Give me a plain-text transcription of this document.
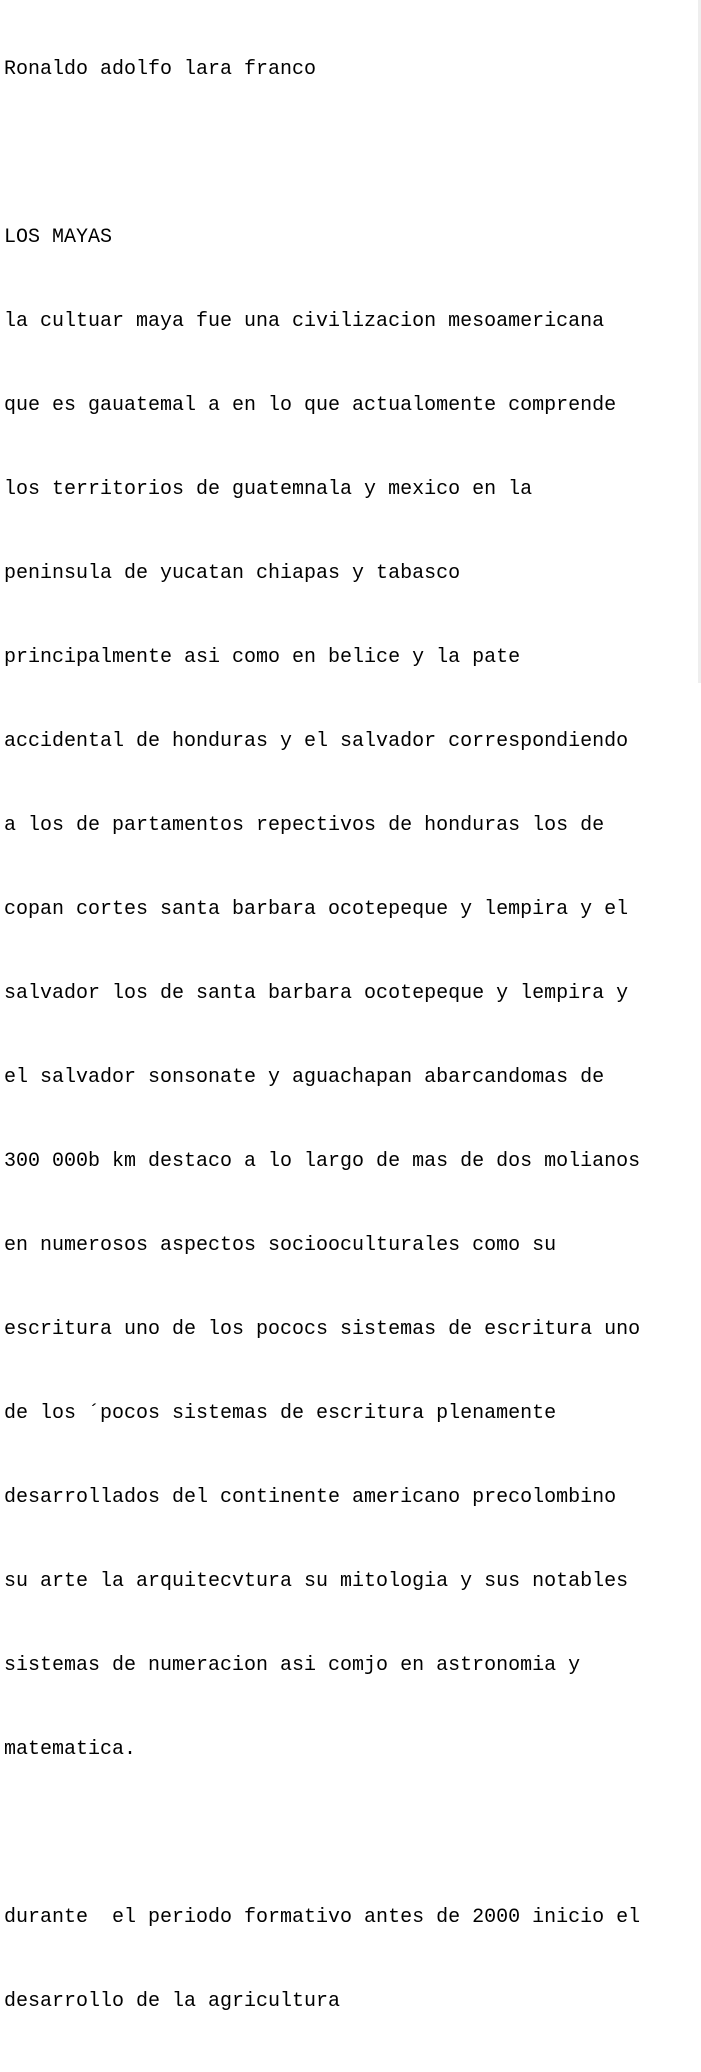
Ronaldo adolfo lara franco

LOS MAYAS

la cultuar maya fue una civilizacion mesoamericana

que es gauatemal a en lo que actualomente comprende

los territorios de guatemnala y mexico en la

peninsula de yucatan chiapas y tabasco

principalmente asi como en belice y la pate

accidental de honduras y el salvador correspondiendo

a los de partamentos repectivos de honduras los de

copan cortes santa barbara ocotepeque y lempira y el

salvador los de santa barbara ocotepeque y lempira y

el salvador sonsonate y aguachapan abarcandomas de

300 000b km destaco a lo largo de mas de dos molianos

en numerosos aspectos sociooculturales como su

escritura uno de los pococs sistemas de escritura uno

de los ´pocos sistemas de escritura plenamente

desarrollados del continente americano precolombino

su arte la arquitecvtura su mitologia y sus notables

sistemas de numeracion asi comjo en astronomia y

matematica.

durante  el periodo formativo antes de 2000 inicio el

desarrollo de la agricultura
